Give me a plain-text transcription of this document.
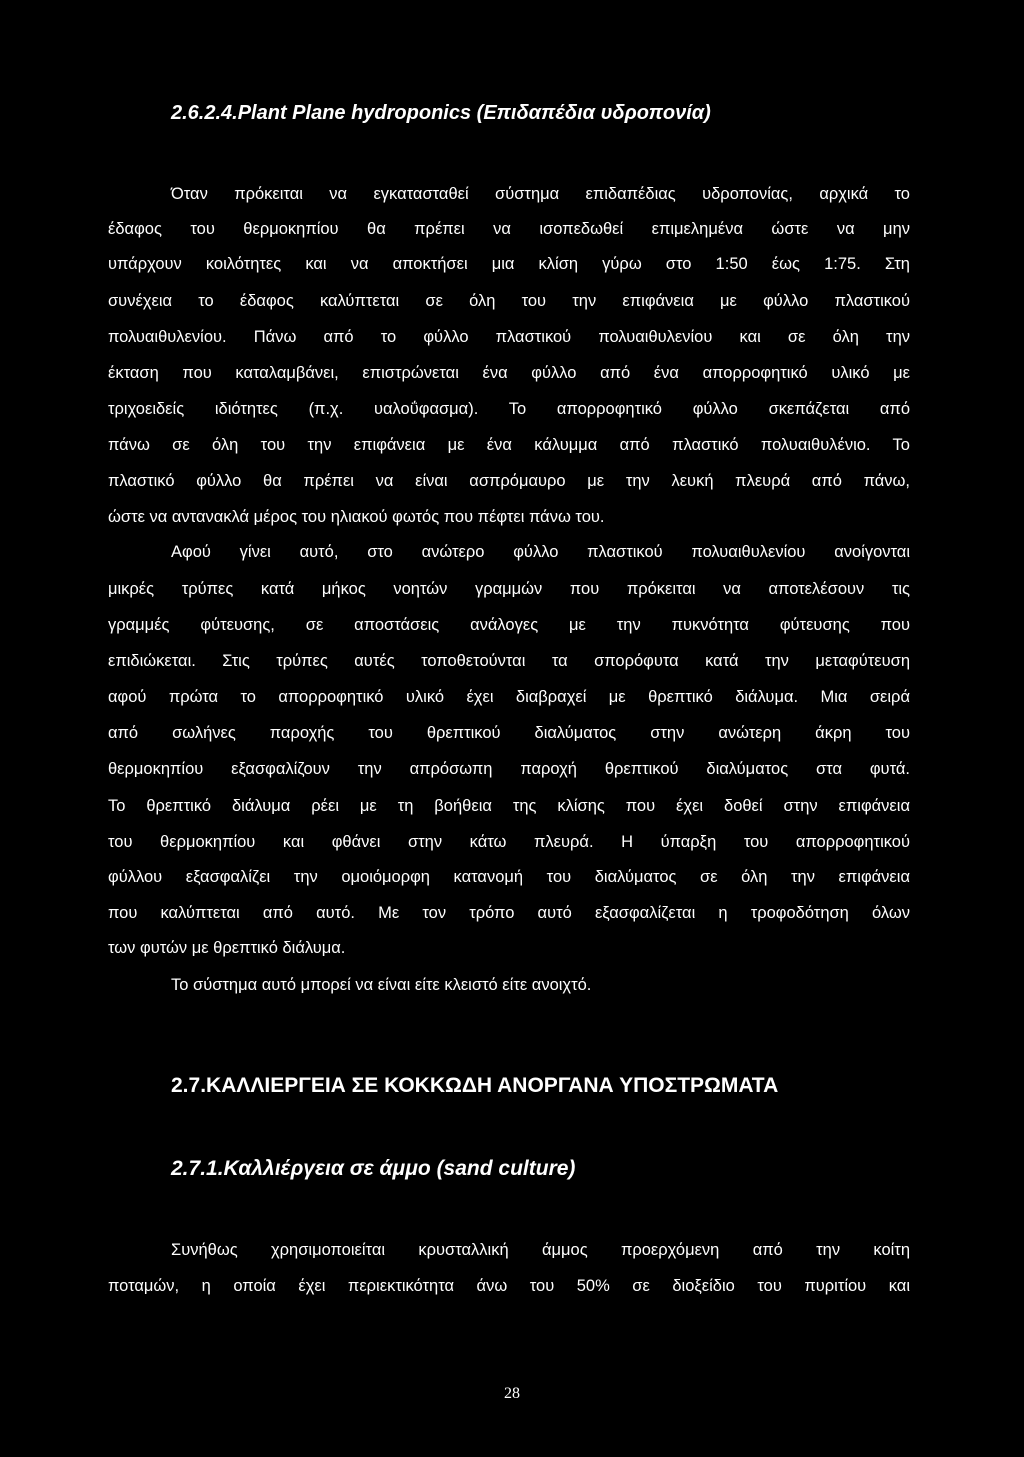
2.6.2.4.Plant Plane hydroponics (Επιδαπέδια υδροπονία)
Όταν πρόκειται να εγκατασταθεί σύστημα επιδαπέδιας υδροπονίας, αρχικά το
έδαφος του θερμοκηπίου θα πρέπει να ισοπεδωθεί επιμελημένα ώστε να μην
υπάρχουν κοιλότητες και να αποκτήσει μια κλίση γύρω στο 1:50 έως 1:75. Στη
συνέχεια το έδαφος καλύπτεται σε όλη του την επιφάνεια με φύλλο πλαστικού
πολυαιθυλενίου. Πάνω από το φύλλο πλαστικού πολυαιθυλενίου και σε όλη την
έκταση που καταλαμβάνει, επιστρώνεται ένα φύλλο από ένα απορροφητικό υλικό με
τριχοειδείς ιδιότητες (π.χ. υαλοΰφασμα). Το απορροφητικό φύλλο σκεπάζεται από
πάνω σε όλη του την επιφάνεια με ένα κάλυμμα από πλαστικό πολυαιθυλένιο. Το
πλαστικό φύλλο θα πρέπει να είναι ασπρόμαυρο με την λευκή πλευρά από πάνω,
ώστε να αντανακλά μέρος του ηλιακού φωτός που πέφτει πάνω του.
Αφού γίνει αυτό, στο ανώτερο φύλλο πλαστικού πολυαιθυλενίου ανοίγονται
μικρές τρύπες κατά μήκος νοητών γραμμών που πρόκειται να αποτελέσουν τις
γραμμές φύτευσης, σε αποστάσεις ανάλογες με την πυκνότητα φύτευσης που
επιδιώκεται. Στις τρύπες αυτές τοποθετούνται τα σπορόφυτα κατά την μεταφύτευση
αφού πρώτα το απορροφητικό υλικό έχει διαβραχεί με θρεπτικό διάλυμα. Μια σειρά
από σωλήνες παροχής του θρεπτικού διαλύματος στην ανώτερη άκρη του
θερμοκηπίου εξασφαλίζουν την απρόσωπη παροχή θρεπτικού διαλύματος στα φυτά.
Το θρεπτικό διάλυμα ρέει με τη βοήθεια της κλίσης που έχει δοθεί στην επιφάνεια
του θερμοκηπίου και φθάνει στην κάτω πλευρά. Η ύπαρξη του απορροφητικού
φύλλου εξασφαλίζει την ομοιόμορφη κατανομή του διαλύματος σε όλη την επιφάνεια
που καλύπτεται από αυτό. Με τον τρόπο αυτό εξασφαλίζεται η τροφοδότηση όλων
των φυτών με θρεπτικό διάλυμα.
Το σύστημα αυτό μπορεί να είναι είτε κλειστό είτε ανοιχτό.
2.7.ΚΑΛΛΙΕΡΓΕΙΑ ΣΕ ΚΟΚΚΩΔΗ ΑΝΟΡΓΑΝΑ ΥΠΟΣΤΡΩΜΑΤΑ
2.7.1.Καλλιέργεια σε άμμο (sand culture)
Συνήθως χρησιμοποιείται κρυσταλλική άμμος προερχόμενη από την κοίτη
ποταμών, η οποία έχει περιεκτικότητα άνω του 50% σε διοξείδιο του πυριτίου και
28
